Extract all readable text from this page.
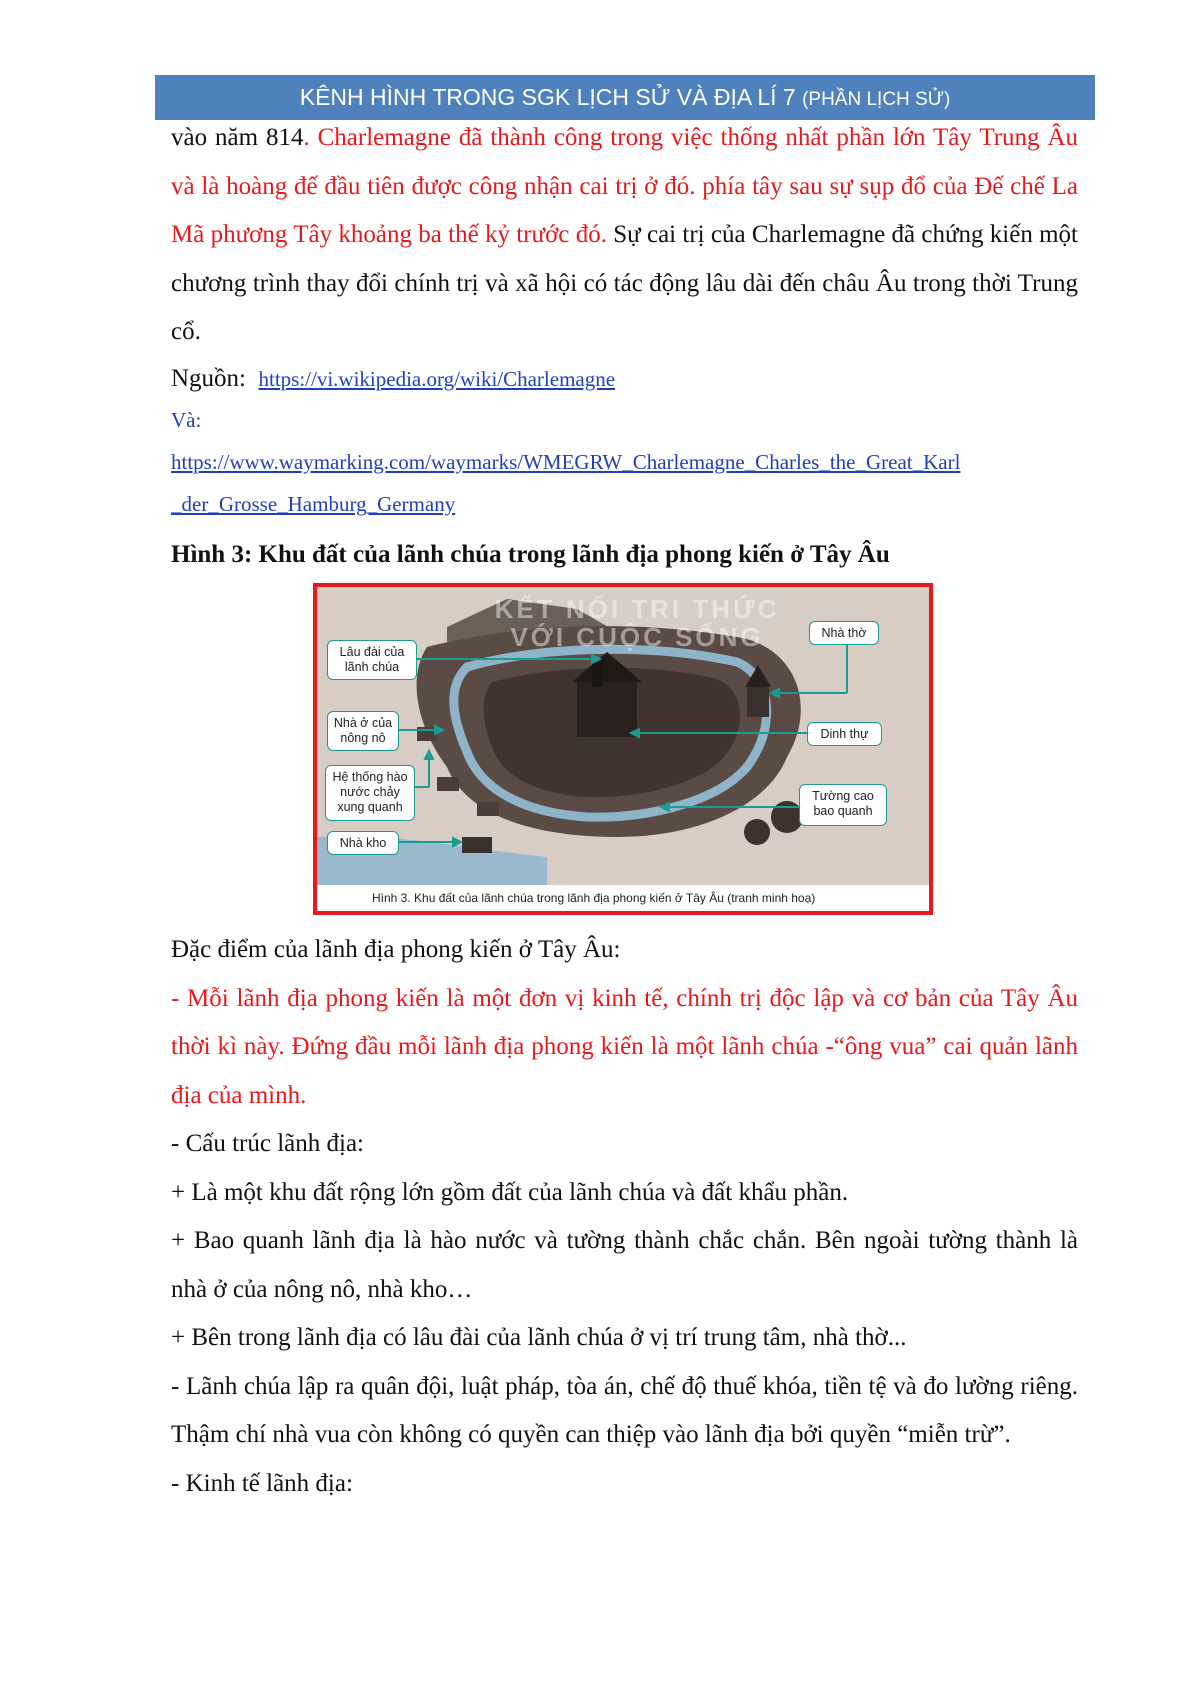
KÊNH HÌNH TRONG SGK LỊCH SỬ VÀ ĐỊA LÍ 7 (PHẦN LỊCH SỬ)

vào năm 814. Charlemagne đã thành công trong việc thống nhất phần lớn Tây Trung Âu và là hoàng đế đầu tiên được công nhận cai trị ở đó. phía tây sau sự sụp đổ của Đế chế La Mã phương Tây khoảng ba thế kỷ trước đó. Sự cai trị của Charlemagne đã chứng kiến một chương trình thay đổi chính trị và xã hội có tác động lâu dài đến châu Âu trong thời Trung cổ.

Nguồn: https://vi.wikipedia.org/wiki/Charlemagne

Và:

https://www.waymarking.com/waymarks/WMEGRW_Charlemagne_Charles_the_Great_Karl
_der_Grosse_Hamburg_Germany

Hình 3: Khu đất của lãnh chúa trong lãnh địa phong kiến ở Tây Âu

KẾT NỐI TRI THỨC
VỚI CUỘC SỐNG
Lâu đài của lãnh chúa
Nhà ở của nông nô
Hệ thống hào nước chảy xung quanh
Nhà kho
Nhà thờ
Dinh thự
Tường cao bao quanh
Hình 3. Khu đất của lãnh chúa trong lãnh địa phong kiến ở Tây Âu (tranh minh hoạ)

Đặc điểm của lãnh địa phong kiến ở Tây Âu:

- Mỗi lãnh địa phong kiến là một đơn vị kinh tế, chính trị độc lập và cơ bản của Tây Âu thời kì này. Đứng đầu mỗi lãnh địa phong kiến là một lãnh chúa -“ông vua” cai quản lãnh địa của mình.

- Cấu trúc lãnh địa:

+ Là một khu đất rộng lớn gồm đất của lãnh chúa và đất khẩu phần.

+ Bao quanh lãnh địa là hào nước và tường thành chắc chắn. Bên ngoài tường thành là nhà ở của nông nô, nhà kho…

+ Bên trong lãnh địa có lâu đài của lãnh chúa ở vị trí trung tâm, nhà thờ...

- Lãnh chúa lập ra quân đội, luật pháp, tòa án, chế độ thuế khóa, tiền tệ và đo lường riêng. Thậm chí nhà vua còn không có quyền can thiệp vào lãnh địa bởi quyền “miễn trừ”.

- Kinh tế lãnh địa:
